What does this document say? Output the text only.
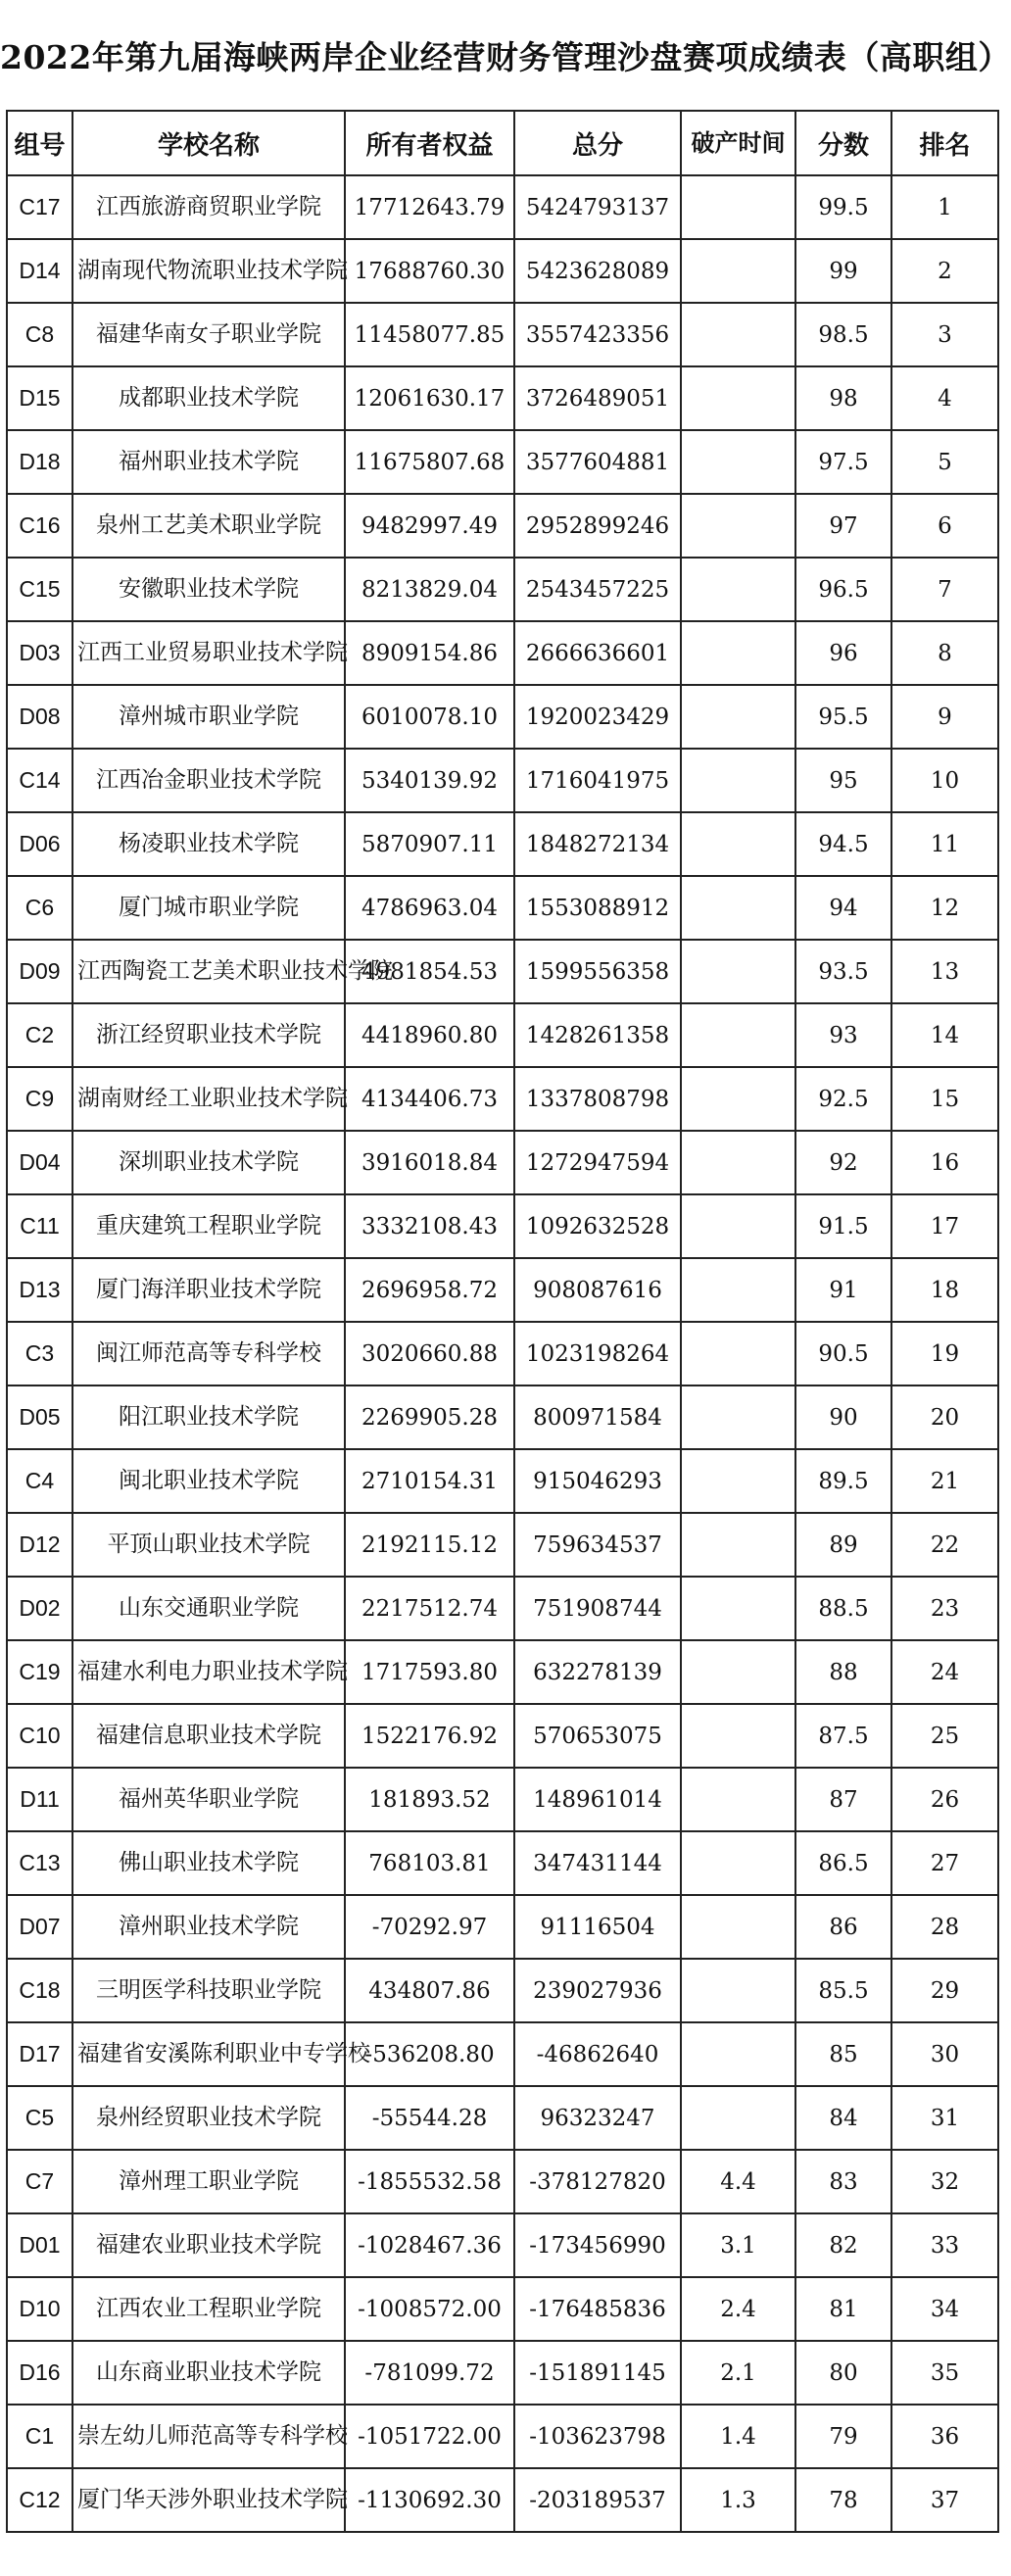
2022年第九届海峡两岸企业经营财务管理沙盘赛项成绩表（高职组）
组号	学校名称	所有者权益	总分	破产时间	分数	排名
C17	江西旅游商贸职业学院	17712643.79	5424793137		99.5	1
D14	湖南现代物流职业技术学院	17688760.30	5423628089		99	2
C8	福建华南女子职业学院	11458077.85	3557423356		98.5	3
D15	成都职业技术学院	12061630.17	3726489051		98	4
D18	福州职业技术学院	11675807.68	3577604881		97.5	5
C16	泉州工艺美术职业学院	9482997.49	2952899246		97	6
C15	安徽职业技术学院	8213829.04	2543457225		96.5	7
D03	江西工业贸易职业技术学院	8909154.86	2666636601		96	8
D08	漳州城市职业学院	6010078.10	1920023429		95.5	9
C14	江西冶金职业技术学院	5340139.92	1716041975		95	10
D06	杨凌职业技术学院	5870907.11	1848272134		94.5	11
C6	厦门城市职业学院	4786963.04	1553088912		94	12
D09	江西陶瓷工艺美术职业技术学院	4981854.53	1599556358		93.5	13
C2	浙江经贸职业技术学院	4418960.80	1428261358		93	14
C9	湖南财经工业职业技术学院	4134406.73	1337808798		92.5	15
D04	深圳职业技术学院	3916018.84	1272947594		92	16
C11	重庆建筑工程职业学院	3332108.43	1092632528		91.5	17
D13	厦门海洋职业技术学院	2696958.72	908087616		91	18
C3	闽江师范高等专科学校	3020660.88	1023198264		90.5	19
D05	阳江职业技术学院	2269905.28	800971584		90	20
C4	闽北职业技术学院	2710154.31	915046293		89.5	21
D12	平顶山职业技术学院	2192115.12	759634537		89	22
D02	山东交通职业学院	2217512.74	751908744		88.5	23
C19	福建水利电力职业技术学院	1717593.80	632278139		88	24
C10	福建信息职业技术学院	1522176.92	570653075		87.5	25
D11	福州英华职业学院	181893.52	148961014		87	26
C13	佛山职业技术学院	768103.81	347431144		86.5	27
D07	漳州职业技术学院	-70292.97	91116504		86	28
C18	三明医学科技职业学院	434807.86	239027936		85.5	29
D17	福建省安溪陈利职业中专学校	-536208.80	-46862640		85	30
C5	泉州经贸职业技术学院	-55544.28	96323247		84	31
C7	漳州理工职业学院	-1855532.58	-378127820	4.4	83	32
D01	福建农业职业技术学院	-1028467.36	-173456990	3.1	82	33
D10	江西农业工程职业学院	-1008572.00	-176485836	2.4	81	34
D16	山东商业职业技术学院	-781099.72	-151891145	2.1	80	35
C1	崇左幼儿师范高等专科学校	-1051722.00	-103623798	1.4	79	36
C12	厦门华天涉外职业技术学院	-1130692.30	-203189537	1.3	78	37
